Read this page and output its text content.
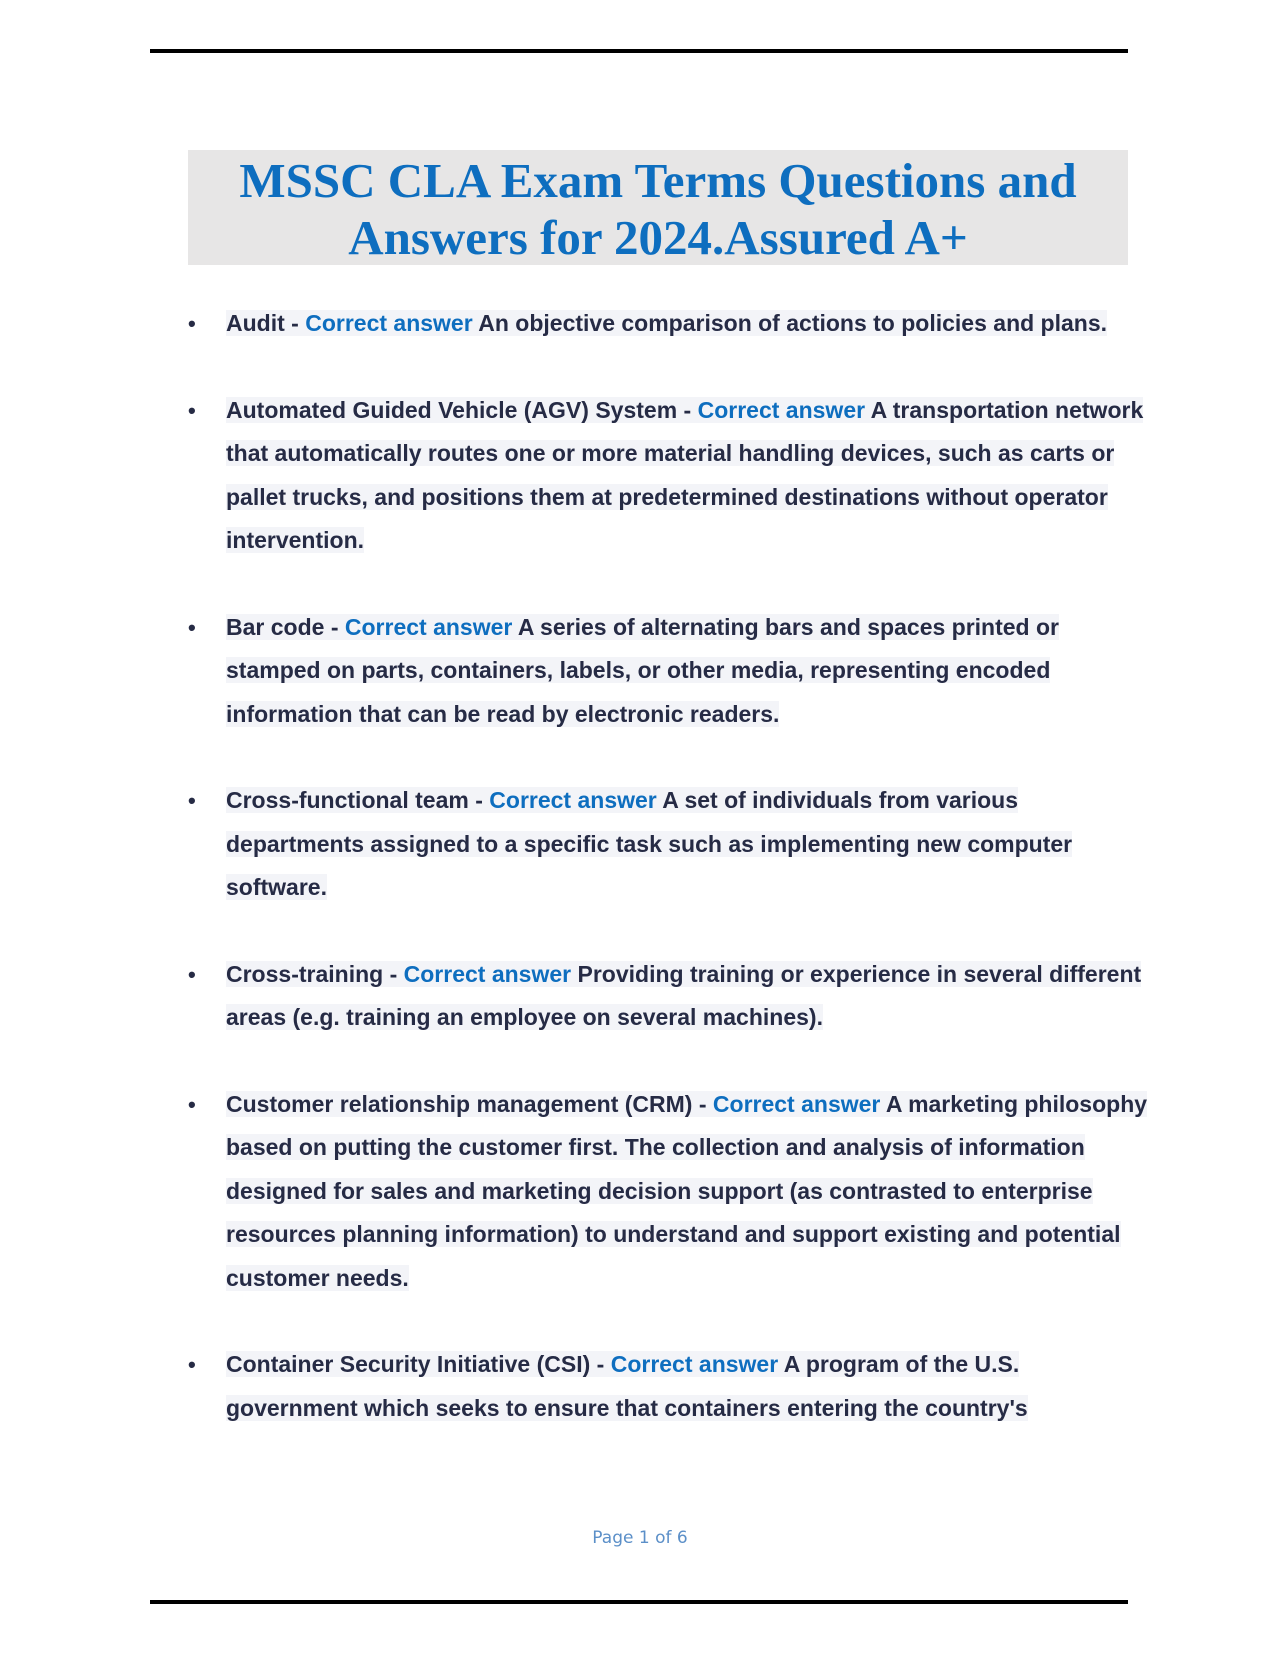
MSSC CLA Exam Terms Questions and
Answers for 2024.Assured A+
•	Audit - Correct answer An objective comparison of actions to policies and plans.
•	Automated Guided Vehicle (AGV) System - Correct answer A transportation network that automatically routes one or more material handling devices, such as carts or pallet trucks, and positions them at predetermined destinations without operator intervention.
•	Bar code - Correct answer A series of alternating bars and spaces printed or stamped on parts, containers, labels, or other media, representing encoded information that can be read by electronic readers.
•	Cross-functional team - Correct answer A set of individuals from various departments assigned to a specific task such as implementing new computer software.
•	Cross-training - Correct answer Providing training or experience in several different areas (e.g. training an employee on several machines).
•	Customer relationship management (CRM) - Correct answer A marketing philosophy based on putting the customer first. The collection and analysis of information designed for sales and marketing decision support (as contrasted to enterprise resources planning information) to understand and support existing and potential customer needs.
•	Container Security Initiative (CSI) - Correct answer A program of the U.S. government which seeks to ensure that containers entering the country's
Page 1 of 6
